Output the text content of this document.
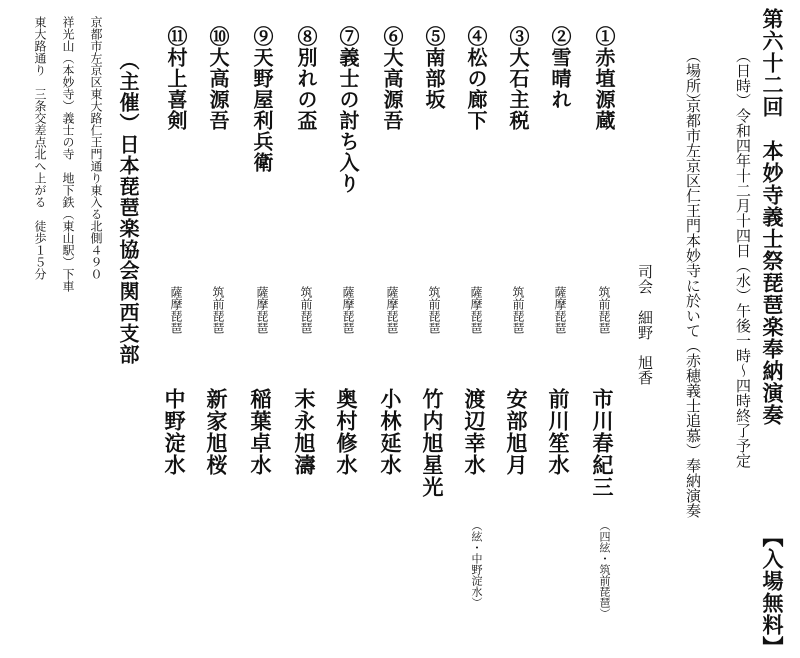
第六十二回　本妙寺義士祭琵琶楽奉納演奏
【入場無料】
（日時）令和四年十二月十四日（水）午後一時～四時終了予定
（場所）
京都市左京区仁王門本妙寺に於いて（赤穂義士追慕）奉納演奏
司会
細野　旭香
①赤埴源蔵
筑前琵琶
市川春紀三
（四絃・筑前琵琶）
②雪晴れ
薩摩琵琶
前川笙水
③大石主税
筑前琵琶
安部旭月
④松の廊下
薩摩琵琶
渡辺幸水
（絃・中野淀水）
⑤南部坂
筑前琵琶
竹内旭星光
⑥大高源吾
薩摩琵琶
小林延水
⑦義士の討ち入り
薩摩琵琶
奥村修水
⑧別れの盃
筑前琵琶
末永旭濤
⑨天野屋利兵衛
薩摩琵琶
稲葉卓水
⑩大高源吾
筑前琵琶
新家旭桜
⑪村上喜剣
薩摩琵琶
中野淀水
（主催）日本琵琶楽協会関西支部
京都市左京区東大路仁王門通り東入る北側４９０
祥光山（本妙寺）義士の寺　地下鉄（東山駅）下車
東大路通り　三条交差点北へ上がる　徒歩１５分
